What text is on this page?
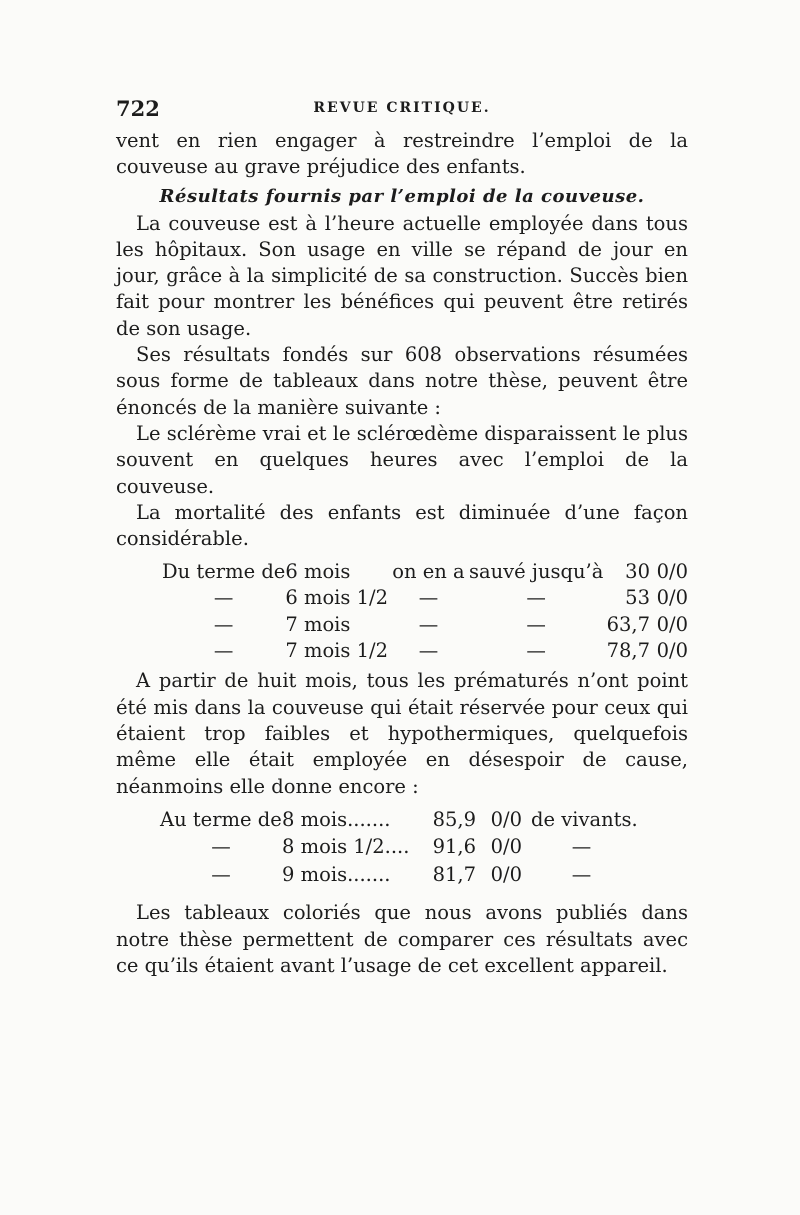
722	REVUE CRITIQUE.

vent en rien engager à restreindre l’emploi de la couveuse au grave préjudice des enfants.

Résultats fournis par l’emploi de la couveuse.

La couveuse est à l’heure actuelle employée dans tous les hôpitaux. Son usage en ville se répand de jour en jour, grâce à la simplicité de sa construction. Succès bien fait pour montrer les bénéfices qui peuvent être retirés de son usage.

Ses résultats fondés sur 608 observations résumées sous forme de tableaux dans notre thèse, peuvent être énoncés de la manière suivante :

Le sclérème vrai et le sclérœdème disparaissent le plus souvent en quelques heures avec l’emploi de la couveuse.

La mortalité des enfants est diminuée d’une façon considérable.

Du terme de	6 mois	on en a	sauvé jusqu’à	30	0/0
—	6 mois 1/2	—	—	53	0/0
—	7 mois	—	—	63,7	0/0
—	7 mois 1/2	—	—	78,7	0/0

A partir de huit mois, tous les prématurés n’ont point été mis dans la couveuse qui était réservée pour ceux qui étaient trop faibles et hypothermiques, quelquefois même elle était employée en désespoir de cause, néanmoins elle donne encore :

Au terme de	8 mois.......	85,9	0/0	de vivants.
—	8 mois 1/2....	91,6	0/0	—
—	9 mois.......	81,7	0/0	—

Les tableaux coloriés que nous avons publiés dans notre thèse permettent de comparer ces résultats avec ce qu’ils étaient avant l’usage de cet excellent appareil.
